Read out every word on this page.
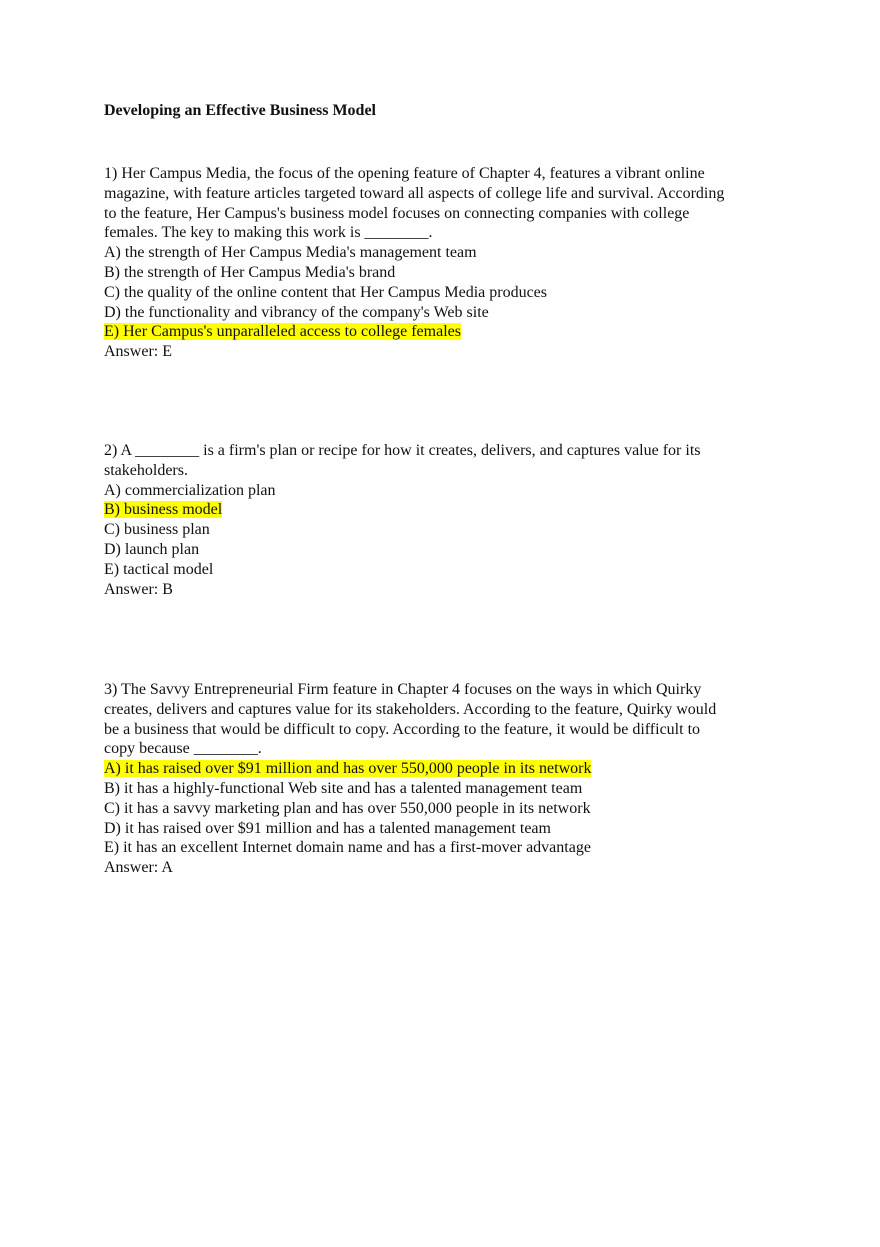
Developing an Effective Business Model
1) Her Campus Media, the focus of the opening feature of Chapter 4, features a vibrant online
magazine, with feature articles targeted toward all aspects of college life and survival. According
to the feature, Her Campus's business model focuses on connecting companies with college
females. The key to making this work is ________.
A) the strength of Her Campus Media's management team
B) the strength of Her Campus Media's brand
C) the quality of the online content that Her Campus Media produces
D) the functionality and vibrancy of the company's Web site
E) Her Campus's unparalleled access to college females
Answer: E
2) A ________ is a firm's plan or recipe for how it creates, delivers, and captures value for its
stakeholders.
A) commercialization plan
B) business model
C) business plan
D) launch plan
E) tactical model
Answer: B
3) The Savvy Entrepreneurial Firm feature in Chapter 4 focuses on the ways in which Quirky
creates, delivers and captures value for its stakeholders. According to the feature, Quirky would
be a business that would be difficult to copy. According to the feature, it would be difficult to
copy because ________.
A) it has raised over $91 million and has over 550,000 people in its network
B) it has a highly-functional Web site and has a talented management team
C) it has a savvy marketing plan and has over 550,000 people in its network
D) it has raised over $91 million and has a talented management team
E) it has an excellent Internet domain name and has a first-mover advantage
Answer: A
